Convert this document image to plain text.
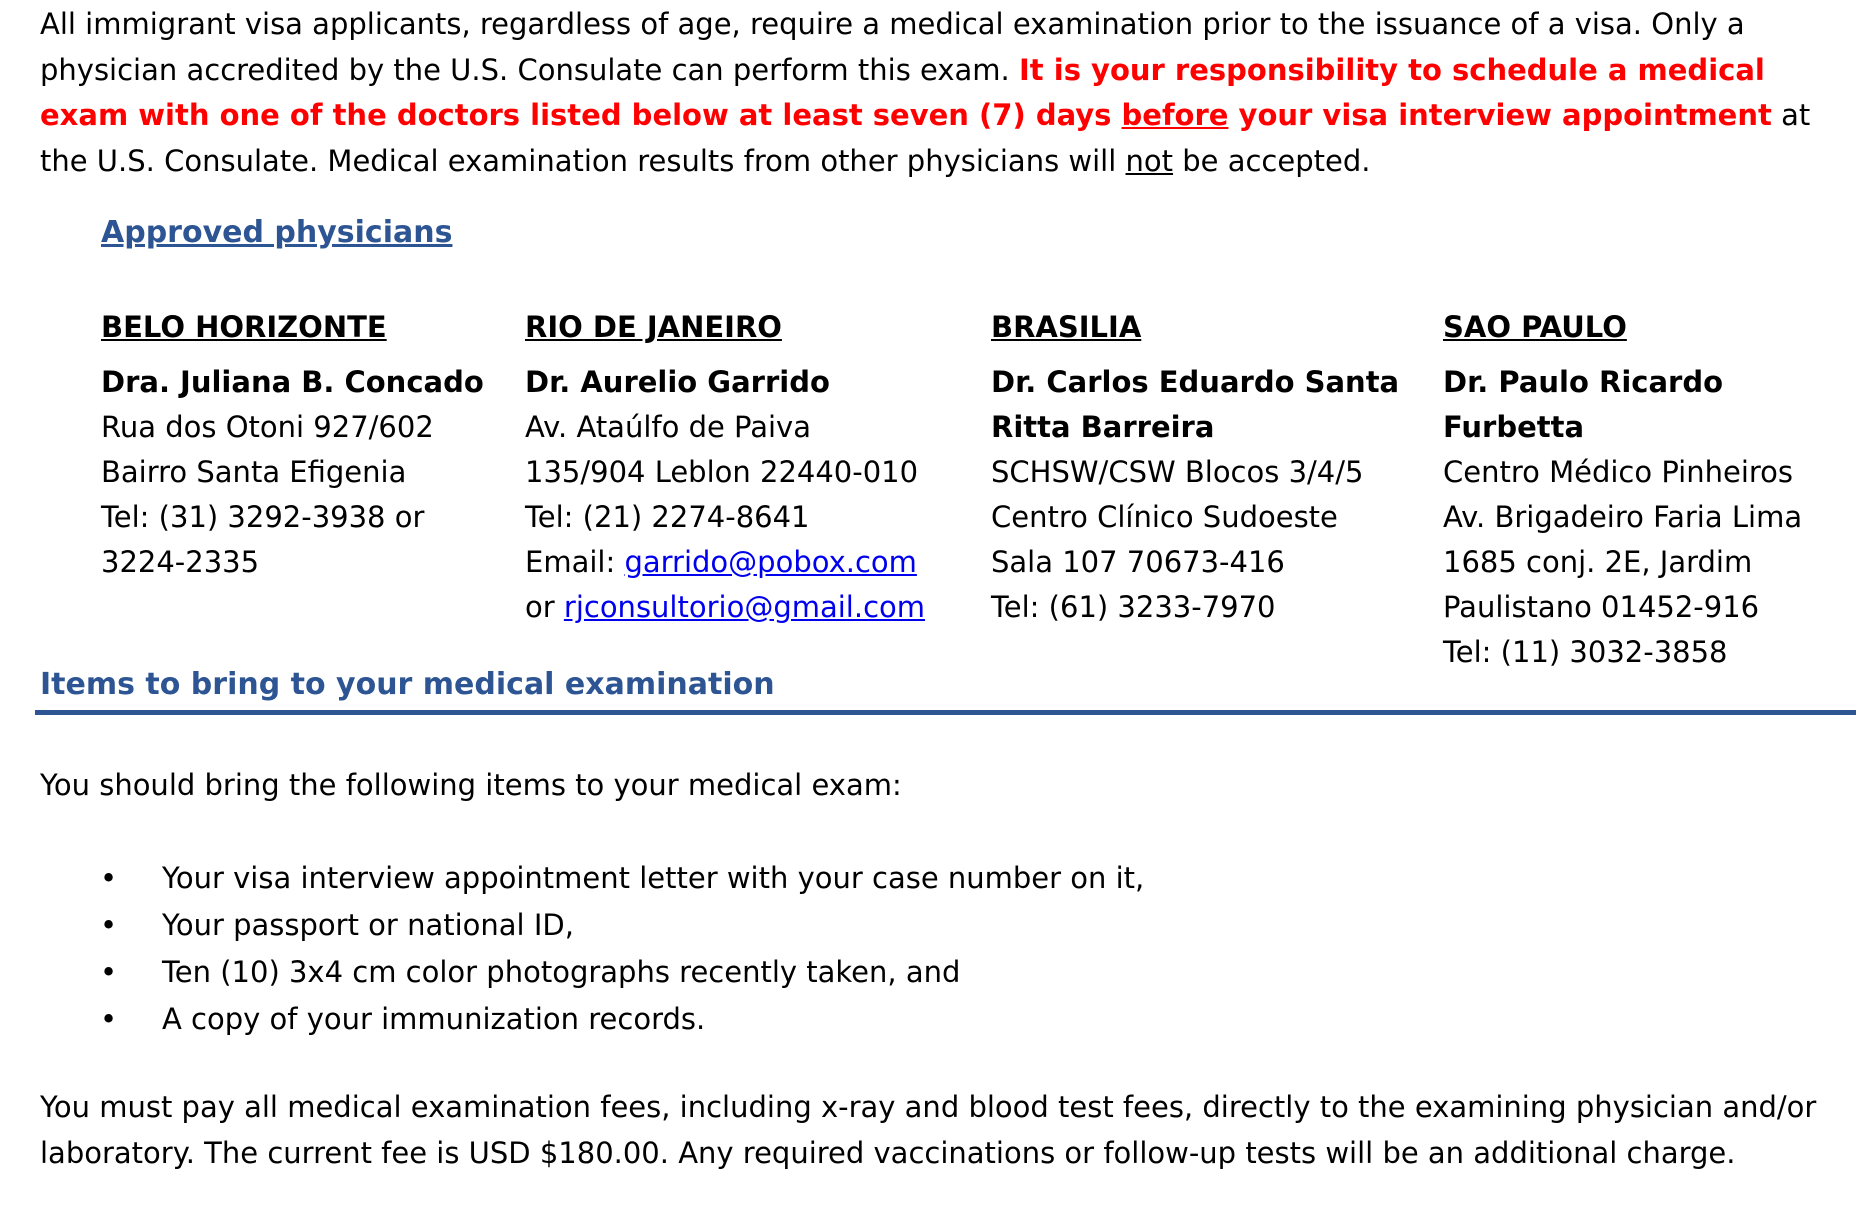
All immigrant visa applicants, regardless of age, require a medical examination prior to the issuance of a visa. Only a physician accredited by the U.S. Consulate can perform this exam. It is your responsibility to schedule a medical exam with one of the doctors listed below at least seven (7) days before your visa interview appointment at the U.S. Consulate. Medical examination results from other physicians will not be accepted.

Approved physicians
BELO HORIZONTE
Dra. Juliana B. Concado
Rua dos Otoni 927/602
Bairro Santa Efigenia
Tel: (31) 3292-3938 or
3224-2335
RIO DE JANEIRO
Dr. Aurelio Garrido
Av. Ataúlfo de Paiva
135/904 Leblon 22440-010
Tel: (21) 2274-8641
Email: garrido@pobox.com
or rjconsultorio@gmail.com
BRASILIA
Dr. Carlos Eduardo Santa
Ritta Barreira
SCHSW/CSW Blocos 3/4/5
Centro Clínico Sudoeste
Sala 107 70673-416
Tel: (61) 3233-7970
SAO PAULO
Dr. Paulo Ricardo Furbetta
Centro Médico Pinheiros
Av. Brigadeiro Faria Lima
1685 conj. 2E, Jardim
Paulistano 01452-916
Tel: (11) 3032-3858
Items to bring to your medical examination

You should bring the following items to your medical exam:

• Your visa interview appointment letter with your case number on it,
• Your passport or national ID,
• Ten (10) 3x4 cm color photographs recently taken, and
• A copy of your immunization records.

You must pay all medical examination fees, including x-ray and blood test fees, directly to the examining physician and/or laboratory. The current fee is USD $180.00. Any required vaccinations or follow-up tests will be an additional charge.
